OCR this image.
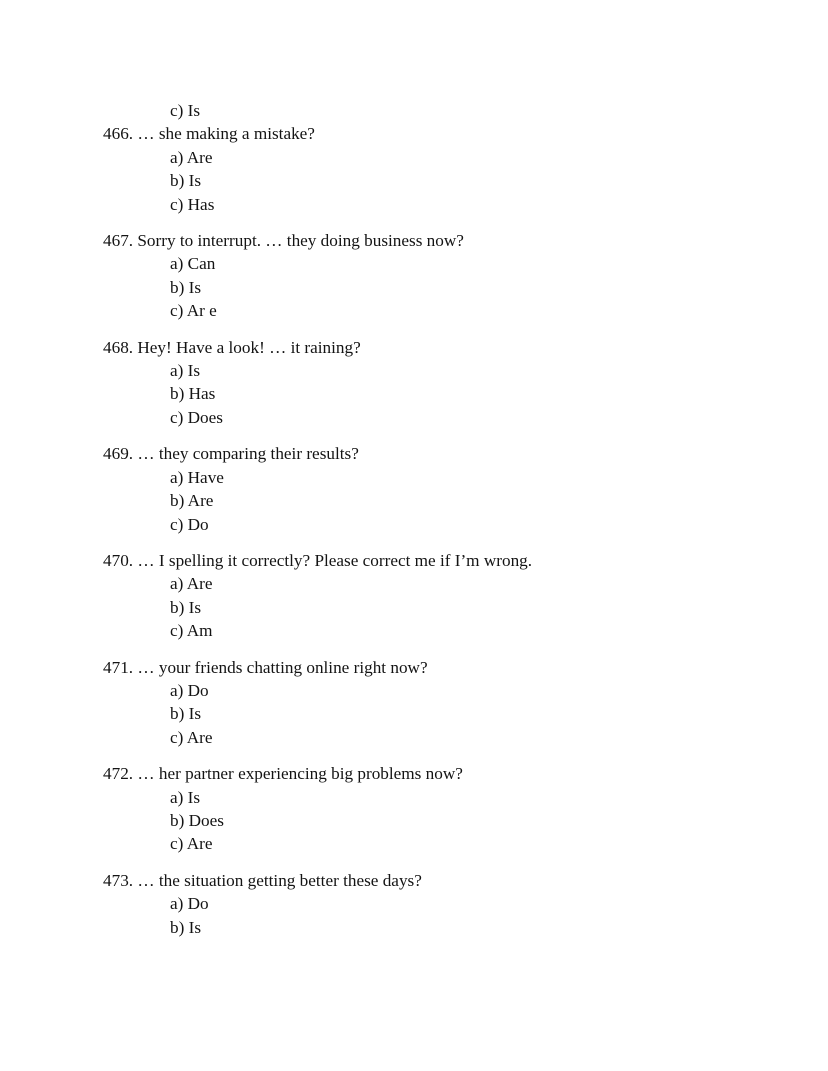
c) Is

466. … she making a mistake?

a) Are
b) Is
c) Has

467. Sorry to interrupt. … they doing business now?

a) Can
b) Is
c) Ar e

468. Hey! Have a look! … it raining?

a) Is
b) Has
c) Does

469. … they comparing their results?

a) Have
b) Are
c) Do

470. … I spelling it correctly? Please correct me if I’m wrong.

a) Are
b) Is
c) Am

471. … your friends chatting online right now?

a) Do
b) Is
c) Are

472. … her partner experiencing big problems now?

a) Is
b) Does
c) Are

473. … the situation getting better these days?

a) Do
b) Is
